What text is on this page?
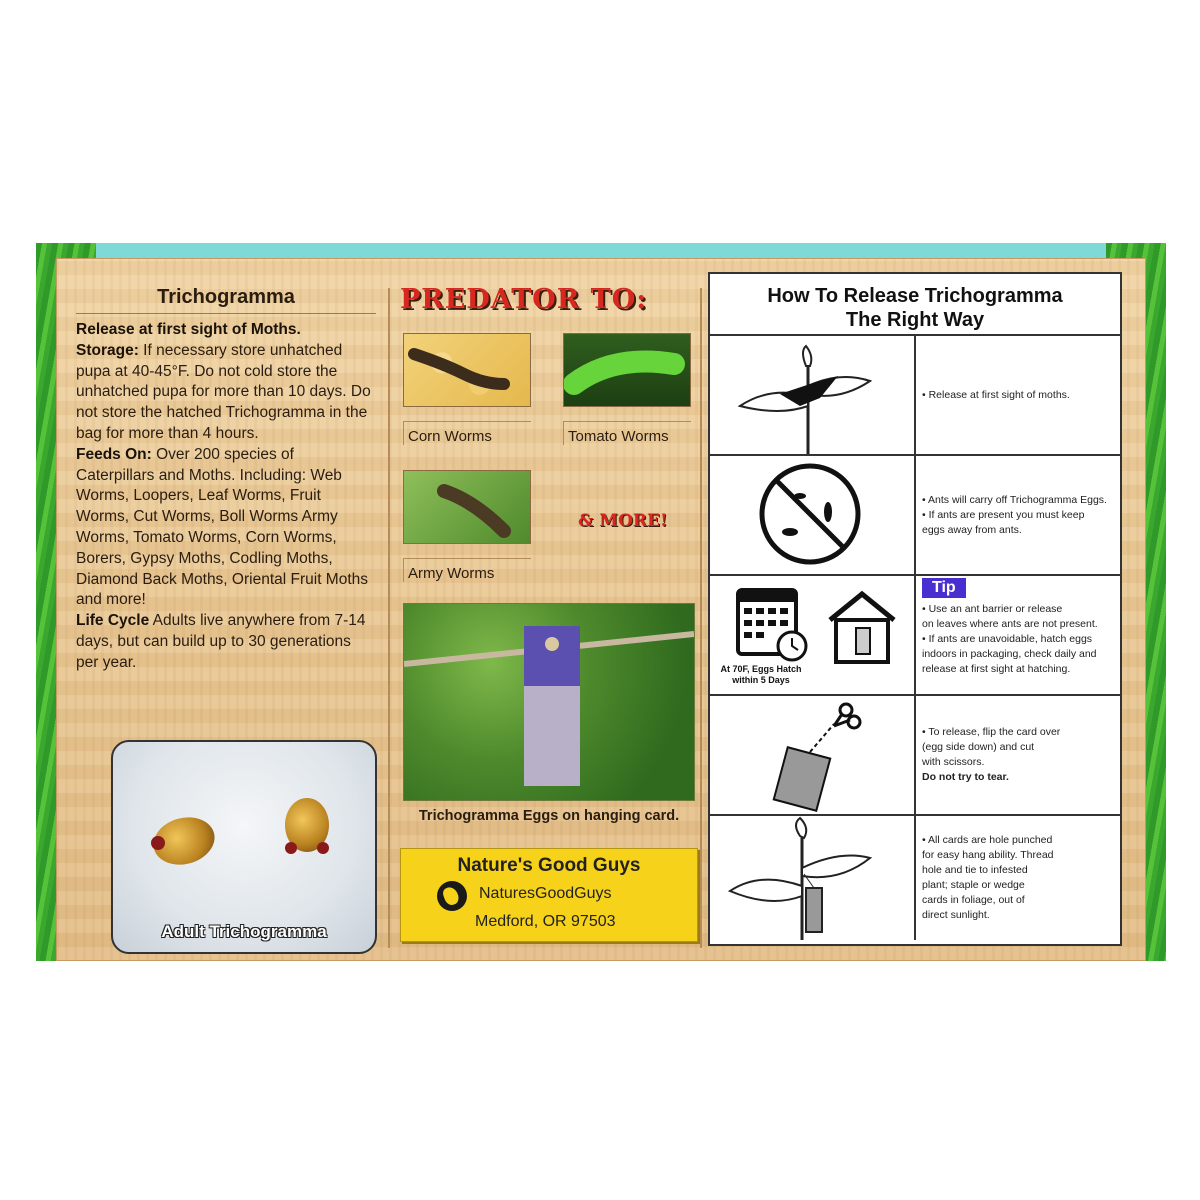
Trichogramma

Release at first sight of Moths.

Storage: If necessary store unhatched pupa at 40-45°F. Do not cold store the unhatched pupa for more than 10 days. Do not store the hatched Trichogramma in the bag for more than 4 hours.

Feeds On: Over 200 species of Caterpillars and Moths. Including: Web Worms, Loopers, Leaf Worms, Fruit Worms, Cut Worms, Boll Worms Army Worms, Tomato Worms, Corn Worms, Borers, Gypsy Moths, Codling Moths, Diamond Back Moths, Oriental Fruit Moths and more!

Life Cycle Adults live anywhere from 7-14 days, but can build up to 30 generations per year.

Adult Trichogramma
PREDATOR TO:
Corn Worms	Tomato Worms
Army Worms
& MORE!
Trichogramma Eggs on hanging card.
Nature's Good Guys
NaturesGoodGuys
Medford, OR 97503
How To Release Trichogramma
The Right Way
• Release at first sight of moths.
• Ants will carry off Trichogramma Eggs.
• If ants are present you must keep
eggs away from ants.
At 70F, Eggs Hatch within 5 Days
Tip
• Use an ant barrier or release
on leaves where ants are not present.
• If ants are unavoidable, hatch eggs
indoors in packaging, check daily and
release at first sight at hatching.
• To release, flip the card over
(egg side down) and cut
with scissors.
Do not try to tear.
• All cards are hole punched
for easy hang ability. Thread
hole and tie to infested
plant; staple or wedge
cards in foliage, out of
direct sunlight.
